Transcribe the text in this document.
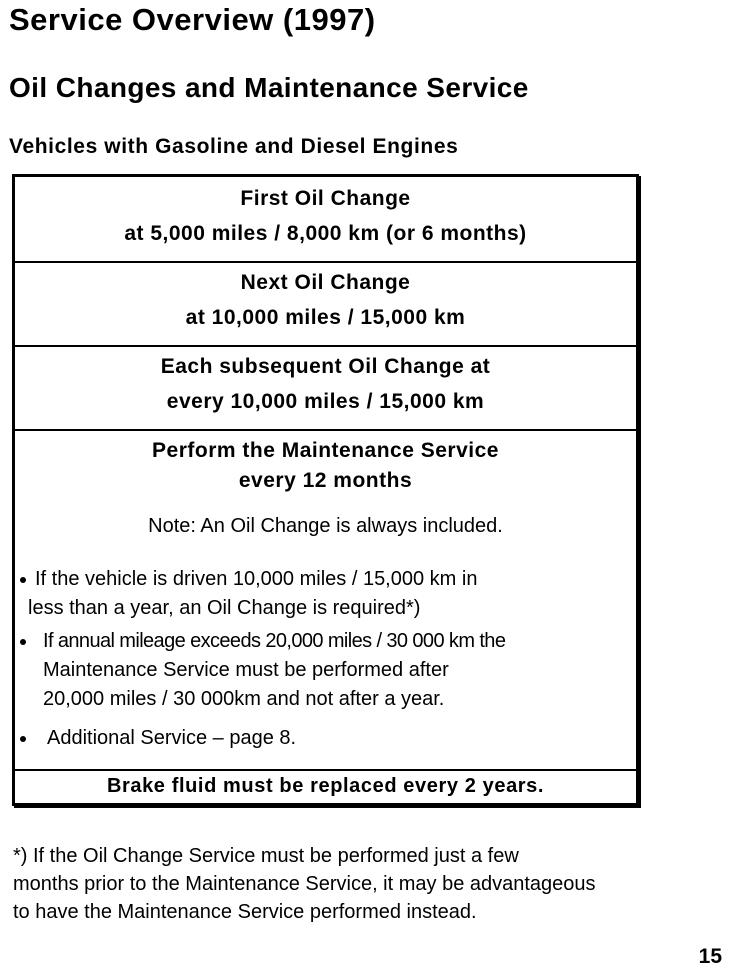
Service Overview (1997)
Oil Changes and Maintenance Service
Vehicles with Gasoline and Diesel Engines
First Oil Change
at 5,000 miles / 8,000 km (or 6 months)
Next Oil Change
at 10,000 miles / 15,000 km
Each subsequent Oil Change at
every 10,000 miles / 15,000 km
Perform the Maintenance Service
every 12 months
Note: An Oil Change is always included.
If the vehicle is driven 10,000 miles / 15,000 km in
less than a year, an Oil Change is required*)
If annual mileage exceeds 20,000 miles / 30 000 km the
Maintenance Service must be performed after
20,000 miles / 30 000km and not after a year.
Additional Service – page 8.
Brake fluid must be replaced every 2 years.
*) If the Oil Change Service must be performed just a few
months prior to the Maintenance Service, it may be advantageous
to have the Maintenance Service performed instead.
15
